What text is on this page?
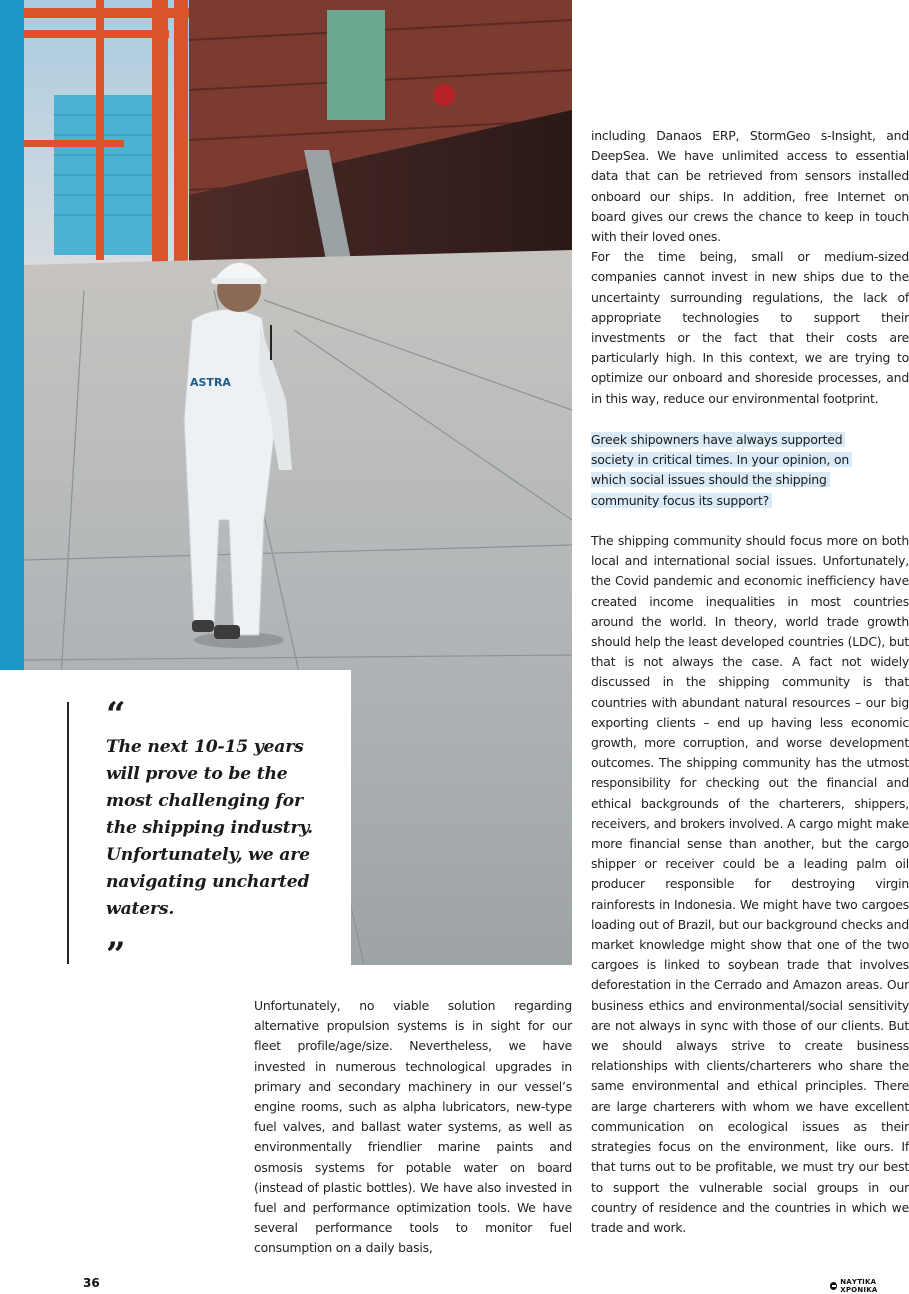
ASTRA
“

The next 10-15 years will prove to be the most challenging for the shipping industry. Unfortunately, we are navigating uncharted waters.

”

including Danaos ERP, StormGeo s-Insight, and DeepSea. We have unlimited access to essential data that can be retrieved from sensors installed onboard our ships. In addition, free Internet on board gives our crews the chance to keep in touch with their loved ones.
For the time being, small or medium-sized companies cannot invest in new ships due to the uncertainty surrounding regulations, the lack of appropriate technologies to support their investments or the fact that their costs are particularly high. In this context, we are trying to optimize our onboard and shoreside processes, and in this way, reduce our environmental footprint.

Greek shipowners have always supported society in critical times. In your opinion, on which social issues should the shipping community focus its support?

The shipping community should focus more on both local and international social issues. Unfortunately, the Covid pandemic and economic inefficiency have created income inequalities in most countries around the world. In theory, world trade growth should help the least developed countries (LDC), but that is not always the case. A fact not widely discussed in the shipping community is that countries with abundant natural resources – our big exporting clients – end up having less economic growth, more corruption, and worse development outcomes. The shipping community has the utmost responsibility for checking out the financial and ethical backgrounds of the charterers, shippers, receivers, and brokers involved. A cargo might make more financial sense than another, but the cargo shipper or receiver could be a leading palm oil producer responsible for destroying virgin rainforests in Indonesia. We might have two cargoes loading out of Brazil, but our background checks and market knowledge might show that one of the two cargoes is linked to soybean trade that involves deforestation in the Cerrado and Amazon areas. Our business ethics and environmental/social sensitivity are not always in sync with those of our clients. But we should always strive to create business relationships with clients/charterers who share the same environmental and ethical principles. There are large charterers with whom we have excellent communication on ecological issues as their strategies focus on the environment, like ours. If that turns out to be profitable, we must try our best to support the vulnerable social groups in our country of residence and the countries in which we trade and work.

Unfortunately, no viable solution regarding alternative propulsion systems is in sight for our fleet profile/age/size. Nevertheless, we have invested in numerous technological upgrades in primary and secondary machinery in our vessel’s engine rooms, such as alpha lubricators, new-type fuel valves, and ballast water systems, as well as environmentally friendlier marine paints and osmosis systems for potable water on board (instead of plastic bottles). We have also invested in fuel and performance optimization tools. We have several performance tools to monitor fuel consumption on a daily basis,

36	ΝΑΥΤΙΚΑ ΧΡΟΝΙΚΑ
